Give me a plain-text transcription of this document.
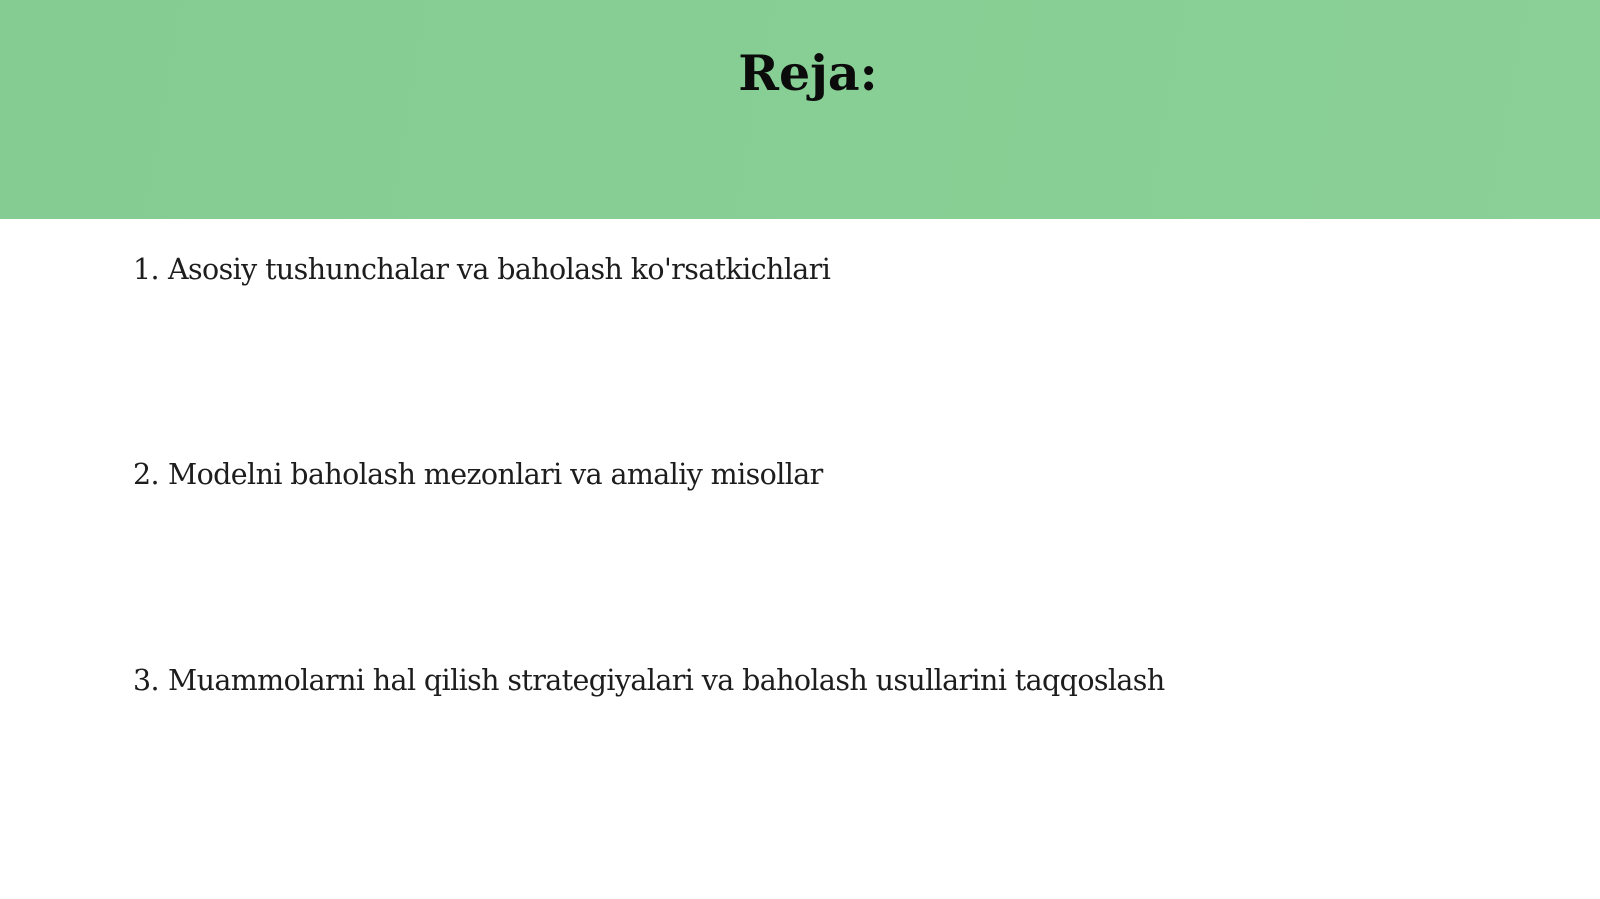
Reja:
1. Asosiy tushunchalar va baholash ko'rsatkichlari
2. Modelni baholash mezonlari va amaliy misollar
3. Muammolarni hal qilish strategiyalari va baholash usullarini taqqoslash
